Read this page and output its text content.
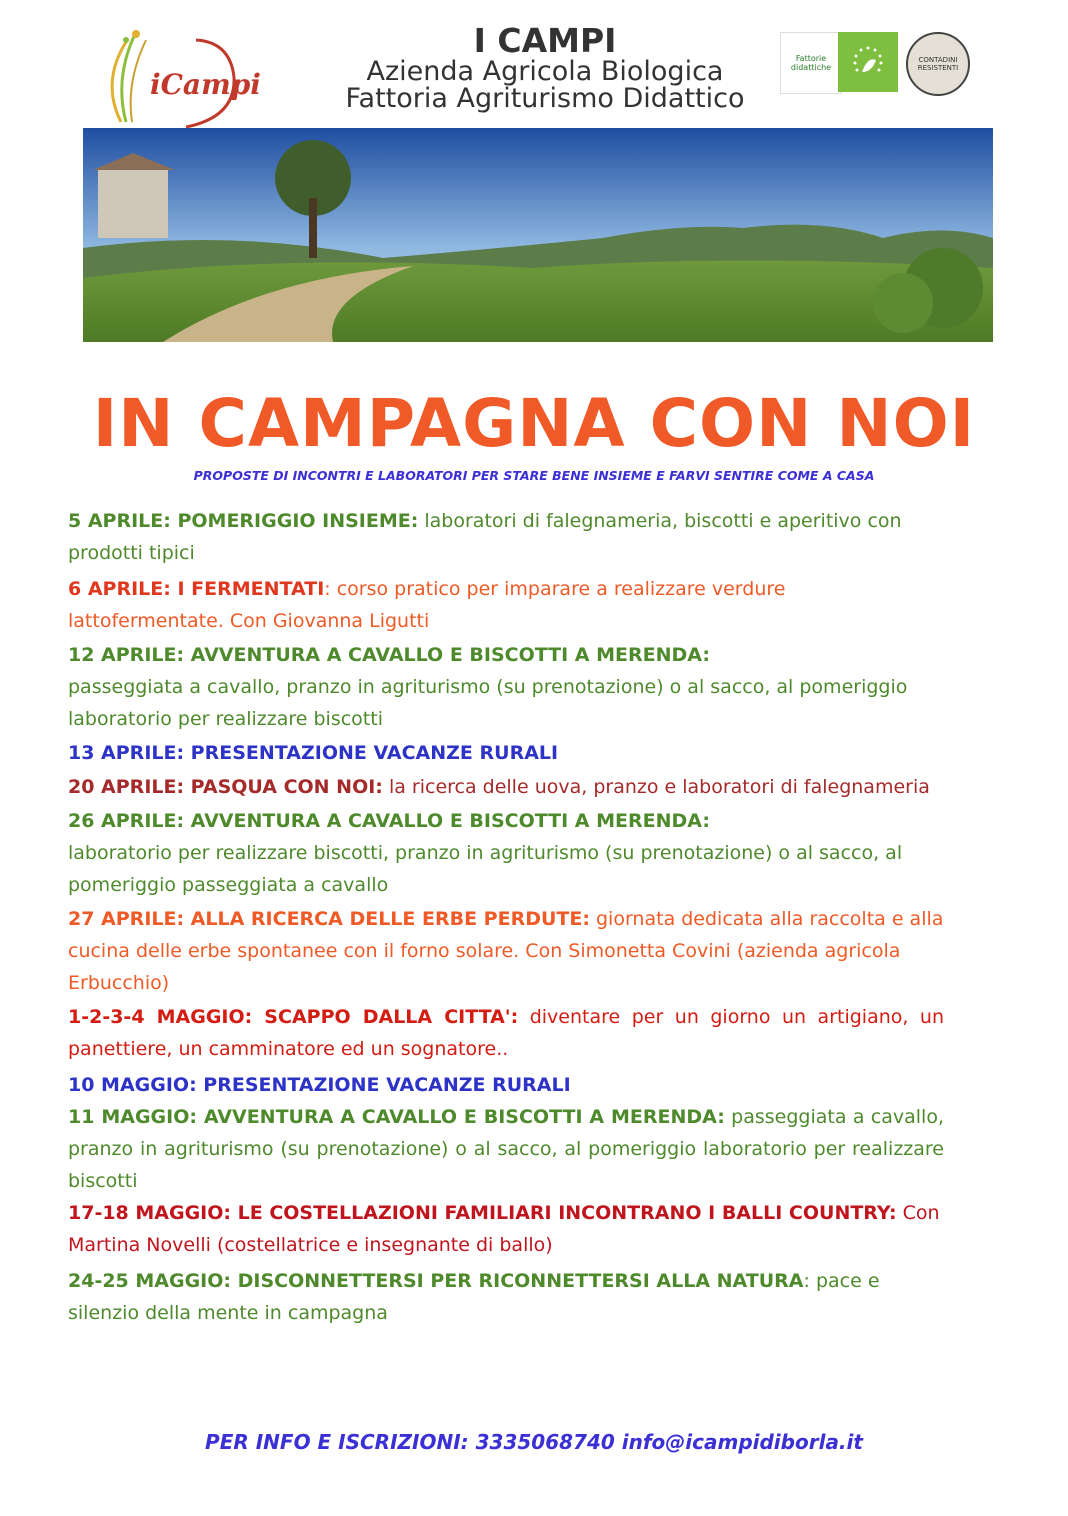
iCampi
I CAMPI
Azienda Agricola Biologica
Fattoria Agriturismo Didattico
Fattorie didattiche
CONTADINI RESISTENTI
IN CAMPAGNA CON NOI
PROPOSTE DI INCONTRI E LABORATORI PER STARE BENE INSIEME E FARVI SENTIRE COME A CASA

5 APRILE: POMERIGGIO INSIEME: laboratori di falegnameria, biscotti e aperitivo con prodotti tipici

6 APRILE: I FERMENTATI: corso pratico per imparare a realizzare verdure lattofermentate. Con Giovanna Ligutti

12 APRILE: AVVENTURA A CAVALLO E BISCOTTI A MERENDA:
passeggiata a cavallo, pranzo in agriturismo (su prenotazione) o al sacco, al pomeriggio laboratorio per realizzare biscotti

13 APRILE: PRESENTAZIONE VACANZE RURALI

20 APRILE: PASQUA CON NOI: la ricerca delle uova, pranzo e laboratori di falegnameria

26 APRILE: AVVENTURA A CAVALLO E BISCOTTI A MERENDA:
laboratorio per realizzare biscotti, pranzo in agriturismo (su prenotazione) o al sacco, al pomeriggio passeggiata a cavallo

27 APRILE: ALLA RICERCA DELLE ERBE PERDUTE: giornata dedicata alla raccolta e alla cucina delle erbe spontanee con il forno solare. Con Simonetta Covini (azienda agricola Erbucchio)

1-2-3-4 MAGGIO: SCAPPO DALLA CITTA': diventare per un giorno un artigiano, un panettiere, un camminatore ed un sognatore..

10 MAGGIO: PRESENTAZIONE VACANZE RURALI

11 MAGGIO: AVVENTURA A CAVALLO E BISCOTTI A MERENDA: passeggiata a cavallo, pranzo in agriturismo (su prenotazione) o al sacco, al pomeriggio laboratorio per realizzare biscotti

17-18 MAGGIO: LE COSTELLAZIONI FAMILIARI INCONTRANO I BALLI COUNTRY: Con Martina Novelli (costellatrice e insegnante di ballo)

24-25 MAGGIO: DISCONNETTERSI PER RICONNETTERSI ALLA NATURA: pace e silenzio della mente in campagna

PER INFO E ISCRIZIONI: 3335068740 info@icampidiborla.it
